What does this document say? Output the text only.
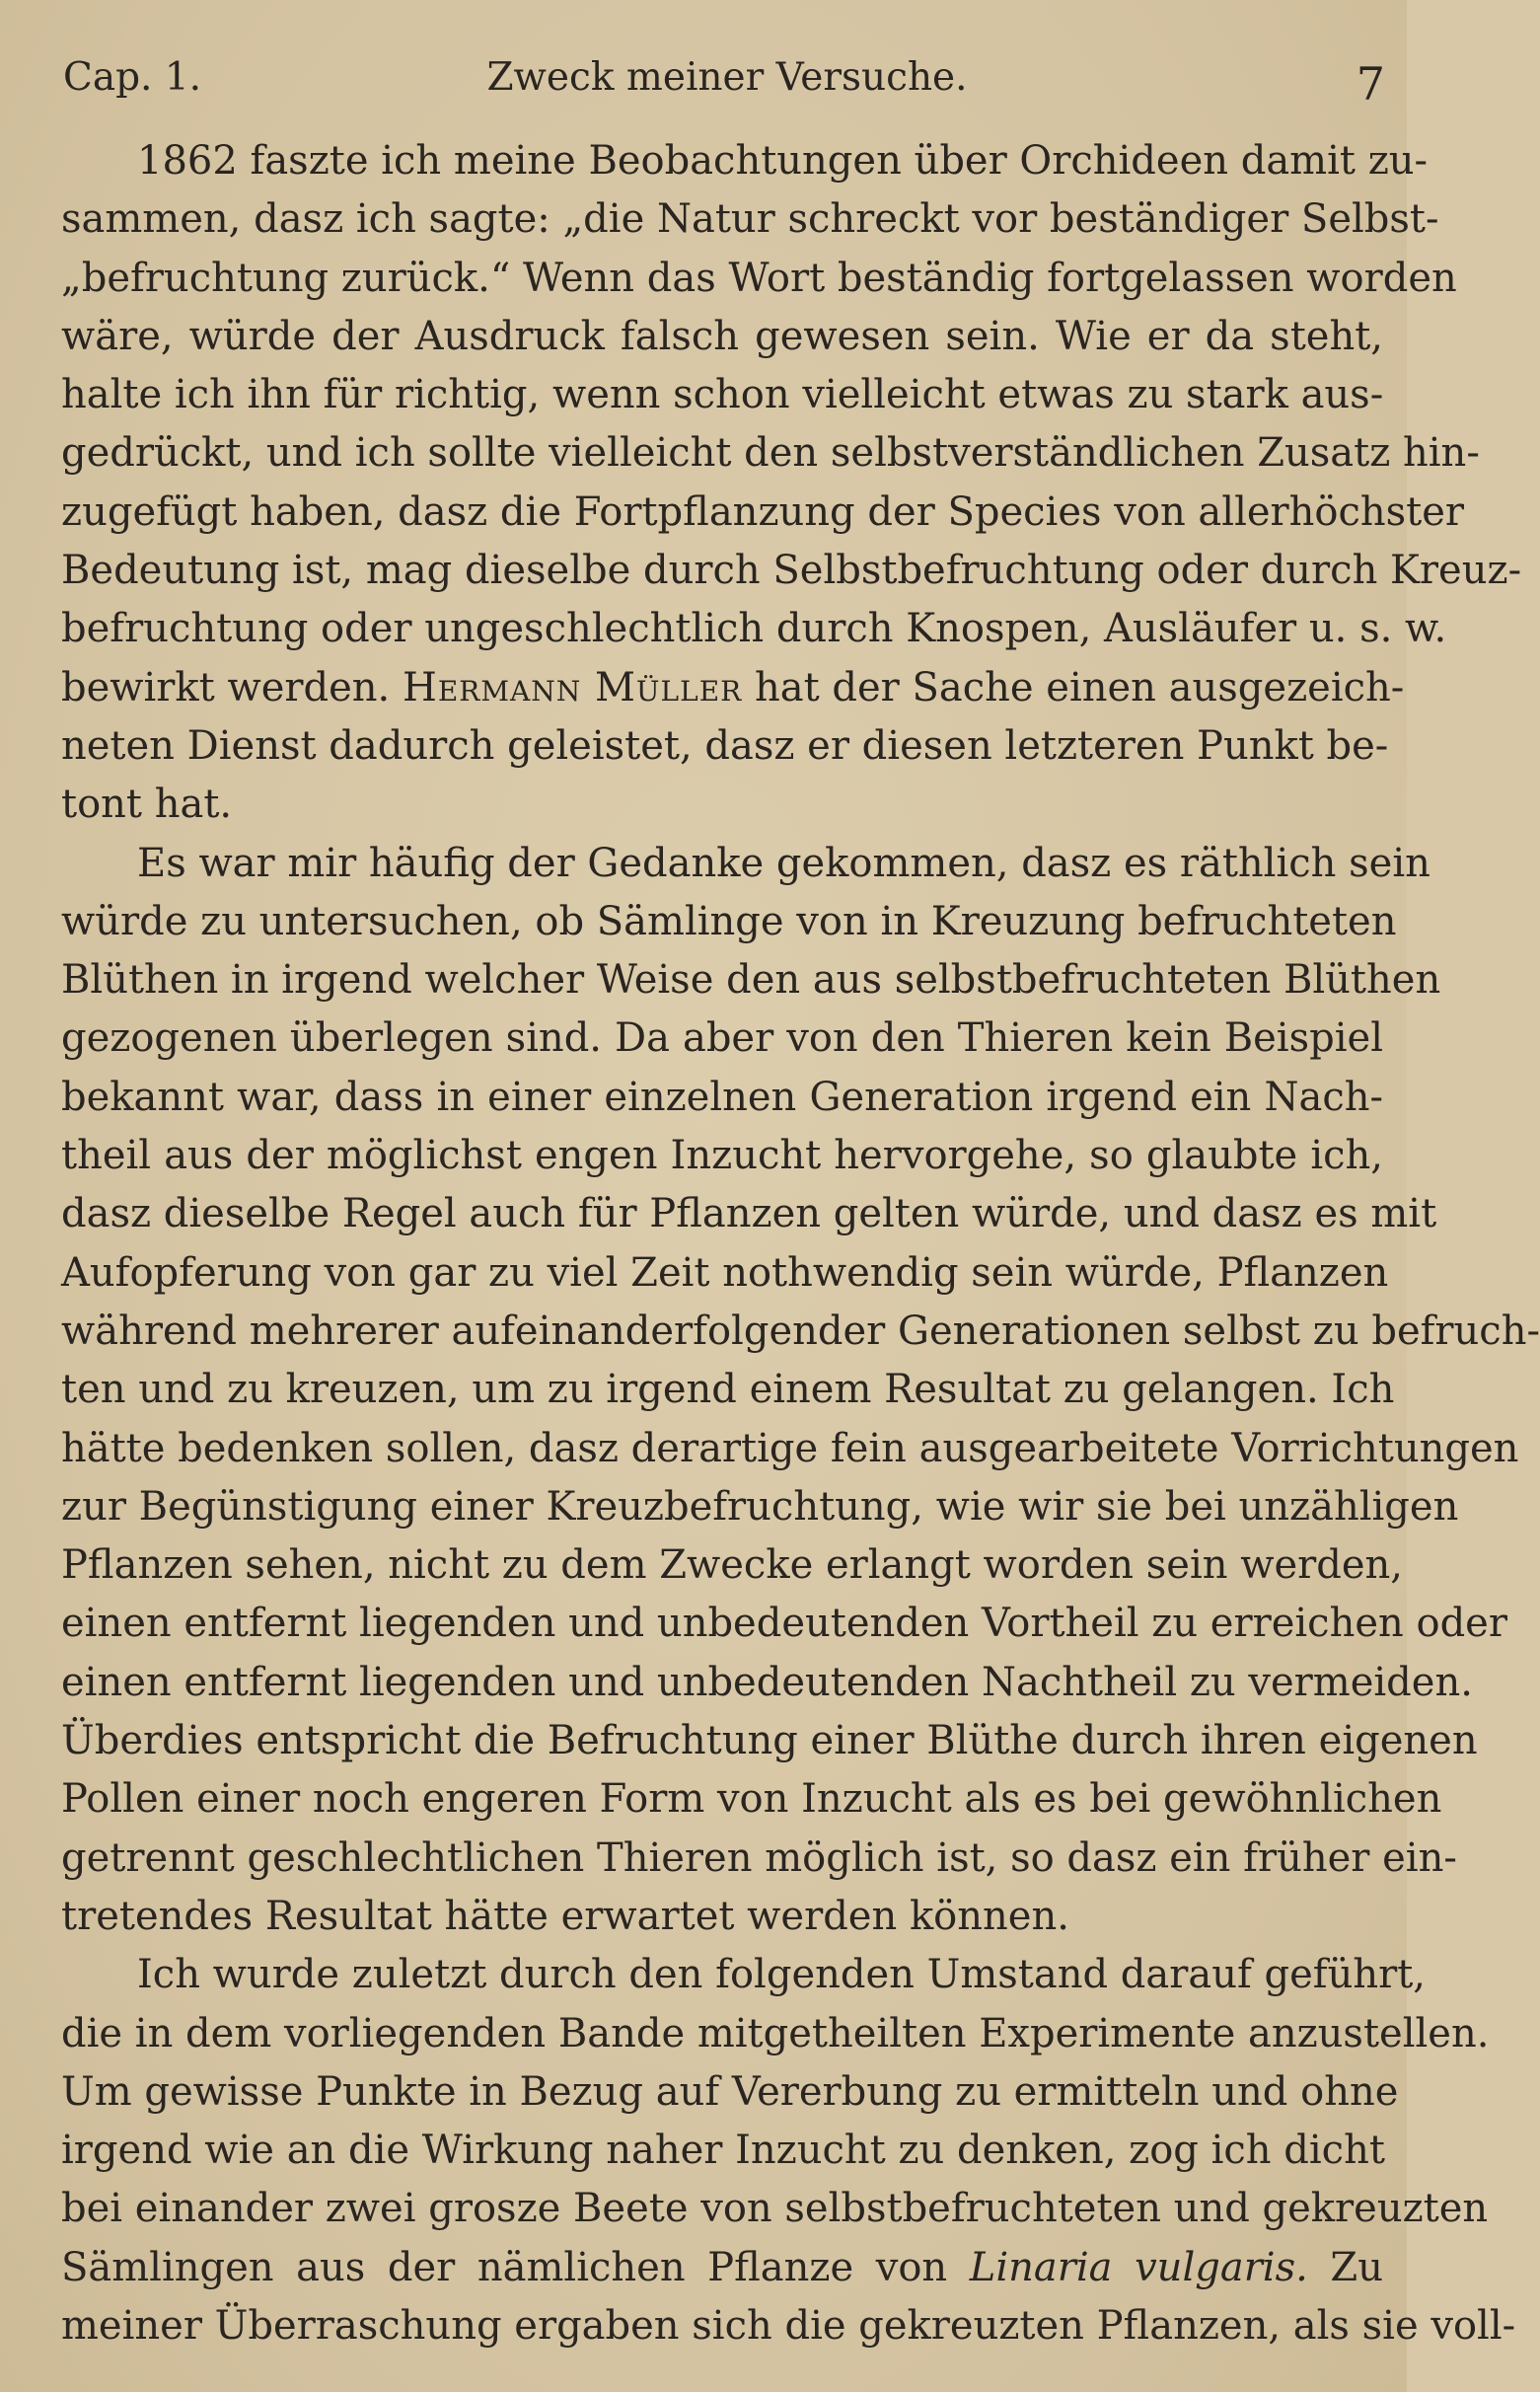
Cap. 1.	Zweck meiner Versuche.	7
1862 faszte ich meine Beobachtungen über Orchideen damit zu-
sammen, dasz ich sagte: „die Natur schreckt vor beständiger Selbst-
„befruchtung zurück.“ Wenn das Wort beständig fortgelassen worden
wäre, würde der Ausdruck falsch gewesen sein. Wie er da steht,
halte ich ihn für richtig, wenn schon vielleicht etwas zu stark aus-
gedrückt, und ich sollte vielleicht den selbstverständlichen Zusatz hin-
zugefügt haben, dasz die Fortpflanzung der Species von allerhöchster
Bedeutung ist, mag dieselbe durch Selbstbefruchtung oder durch Kreuz-
befruchtung oder ungeschlechtlich durch Knospen, Ausläufer u. s. w.
bewirkt werden. Hermann Müller hat der Sache einen ausgezeich-
neten Dienst dadurch geleistet, dasz er diesen letzteren Punkt be-
tont hat.
Es war mir häufig der Gedanke gekommen, dasz es räthlich sein
würde zu untersuchen, ob Sämlinge von in Kreuzung befruchteten
Blüthen in irgend welcher Weise den aus selbstbefruchteten Blüthen
gezogenen überlegen sind. Da aber von den Thieren kein Beispiel
bekannt war, dass in einer einzelnen Generation irgend ein Nach-
theil aus der möglichst engen Inzucht hervorgehe, so glaubte ich,
dasz dieselbe Regel auch für Pflanzen gelten würde, und dasz es mit
Aufopferung von gar zu viel Zeit nothwendig sein würde, Pflanzen
während mehrerer aufeinanderfolgender Generationen selbst zu befruch-
ten und zu kreuzen, um zu irgend einem Resultat zu gelangen. Ich
hätte bedenken sollen, dasz derartige fein ausgearbeitete Vorrichtungen
zur Begünstigung einer Kreuzbefruchtung, wie wir sie bei unzähligen
Pflanzen sehen, nicht zu dem Zwecke erlangt worden sein werden,
einen entfernt liegenden und unbedeutenden Vortheil zu erreichen oder
einen entfernt liegenden und unbedeutenden Nachtheil zu vermeiden.
Überdies entspricht die Befruchtung einer Blüthe durch ihren eigenen
Pollen einer noch engeren Form von Inzucht als es bei gewöhnlichen
getrennt geschlechtlichen Thieren möglich ist, so dasz ein früher ein-
tretendes Resultat hätte erwartet werden können.
Ich wurde zuletzt durch den folgenden Umstand darauf geführt,
die in dem vorliegenden Bande mitgetheilten Experimente anzustellen.
Um gewisse Punkte in Bezug auf Vererbung zu ermitteln und ohne
irgend wie an die Wirkung naher Inzucht zu denken, zog ich dicht
bei einander zwei grosze Beete von selbstbefruchteten und gekreuzten
Sämlingen aus der nämlichen Pflanze von Linaria vulgaris. Zu
meiner Überraschung ergaben sich die gekreuzten Pflanzen, als sie voll-
